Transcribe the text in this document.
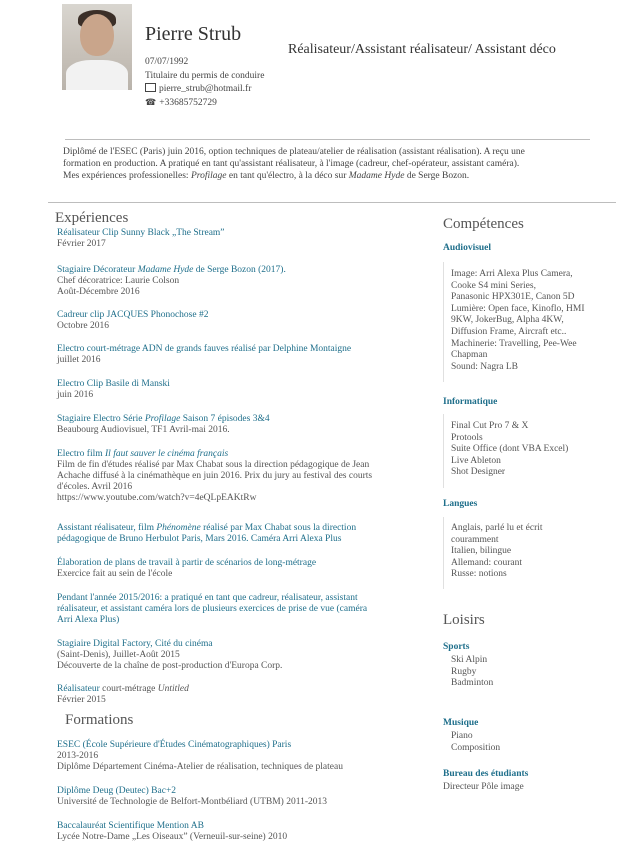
Pierre Strub
Réalisateur/Assistant réalisateur/ Assistant déco
07/07/1992
Titulaire du permis de conduire
pierre_strub@hotmail.fr
☎ +33685752729
Diplômé de l'ESEC (Paris) juin 2016, option techniques de plateau/atelier de réalisation (assistant réalisation). A reçu une
formation en production. A pratiqué en tant qu'assistant réalisateur, à l'image (cadreur, chef-opérateur, assistant caméra).
Mes expériences professionelles: Profilage en tant qu'électro, à la déco sur Madame Hyde de Serge Bozon.
Expériences
Réalisateur Clip Sunny Black „The Stream”
Février 2017
Stagiaire Décorateur Madame Hyde de Serge Bozon (2017).
Chef décoratrice: Laurie Colson
Août-Décembre 2016
Cadreur clip JACQUES Phonochose #2
Octobre 2016
Electro court-métrage ADN de grands fauves réalisé par Delphine Montaigne
juillet 2016
Electro Clip Basile di Manski
juin 2016
Stagiaire Electro Série Profilage Saison 7 épisodes 3&4
Beaubourg Audiovisuel, TF1 Avril-mai 2016.
Electro film Il faut sauver le cinéma français
Film de fin d'études réalisé par Max Chabat sous la direction pédagogique de Jean
Achache diffusé à la cinémathèque en juin 2016. Prix du jury au festival des courts
d'écoles. Avril 2016
https://www.youtube.com/watch?v=4eQLpEAKtRw
Assistant réalisateur, film Phénomène réalisé par Max Chabat sous la direction
pédagogique de Bruno Herbulot Paris, Mars 2016. Caméra Arri Alexa Plus
Élaboration de plans de travail à partir de scénarios de long-métrage
Exercice fait au sein de l'école
Pendant l'année 2015/2016: a pratiqué en tant que cadreur, réalisateur, assistant
réalisateur, et assistant caméra lors de plusieurs exercices de prise de vue (caméra
Arri Alexa Plus)
Stagiaire Digital Factory, Cité du cinéma
(Saint-Denis), Juillet-Août 2015
Découverte de la chaîne de post-production d'Europa Corp.
Réalisateur court-métrage Untitled
Février 2015
Formations
ESEC (École Supérieure d'Études Cinématographiques) Paris
2013-2016
Diplôme Département Cinéma-Atelier de réalisation, techniques de plateau
Diplôme Deug (Deutec) Bac+2
Université de Technologie de Belfort-Montbéliard (UTBM) 2011-2013
Baccalauréat Scientifique Mention AB
Lycée Notre-Dame „Les Oiseaux” (Verneuil-sur-seine) 2010
Compétences
Audiovisuel
Image: Arri Alexa Plus Camera,
Cooke S4 mini Series,
Panasonic HPX301E, Canon 5D
Lumière: Open face, Kinoflo, HMI
9KW, JokerBug, Alpha 4KW,
Diffusion Frame, Aircraft etc..
Machinerie: Travelling, Pee-Wee
Chapman
Sound: Nagra LB
Informatique
Final Cut Pro 7 & X
Protools
Suite Office (dont VBA Excel)
Live Ableton
Shot Designer
Langues
Anglais, parlé lu et écrit
couramment
Italien, bilingue
Allemand: courant
Russe: notions
Loisirs
Sports
Ski Alpin
Rugby
Badminton
Musique
Piano
Composition
Bureau des étudiants
Directeur Pôle image
